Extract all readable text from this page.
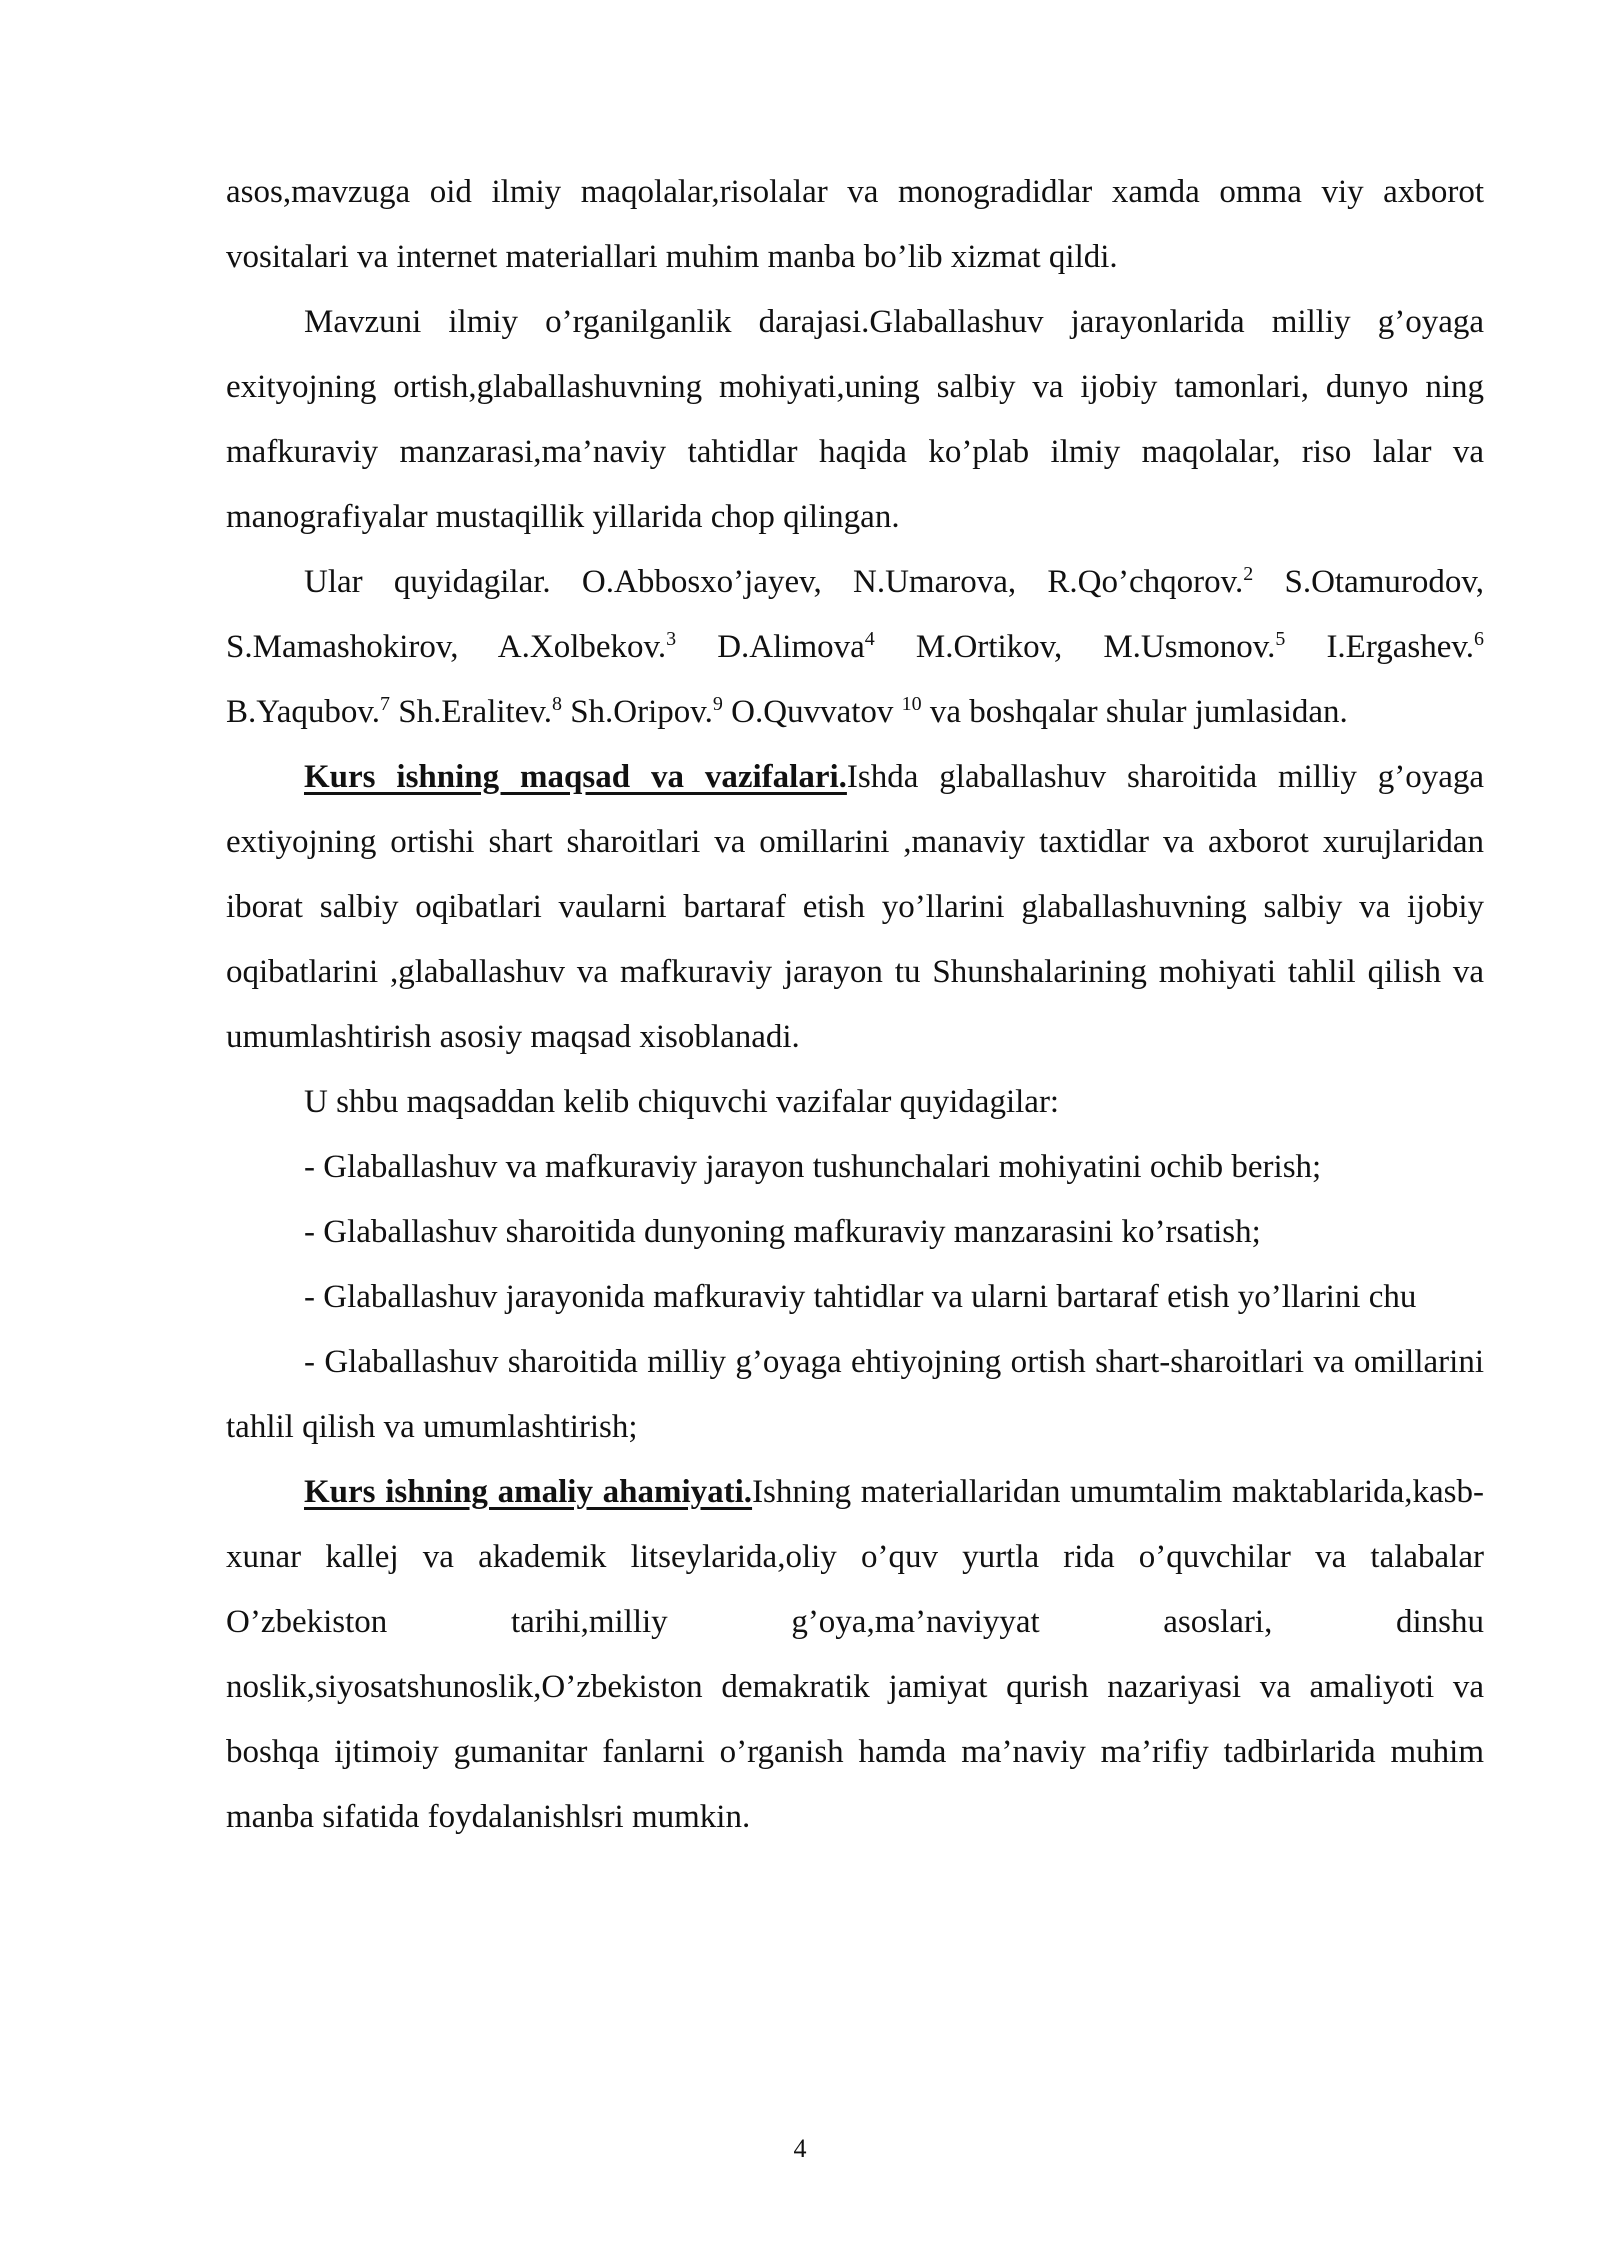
asos,mavzuga oid ilmiy maqolalar,risolalar va monogradidlar xamda omma viy axborot vositalari va internet materiallari muhim manba bo’lib xizmat qildi.

Mavzuni ilmiy o’rganilganlik darajasi.Glaballashuv jarayonlarida milliy g’oyaga exityojning ortish,glaballashuvning mohiyati,uning salbiy va ijobiy tamonlari, dunyo ning mafkuraviy manzarasi,ma’naviy tahtidlar haqida ko’plab ilmiy maqolalar, riso lalar va manografiyalar mustaqillik yillarida chop qilingan.

Ular quyidagilar. O.Abbosxo’jayev, N.Umarova, R.Qo’chqorov.$^2$ S.Otamurodov, S.Mamashokirov, A.Xolbekov.$^3$ D.Alimova$^4$ M.Ortikov, M.Usmonov.$^5$ I.Ergashev.$^6$ B.Yaqubov.$^7$ Sh.Eralitev.$^8$ Sh.Oripov.$^9$ O.Quvvatov $^{10}$ va boshqalar shular jumlasidan.

Kurs ishning maqsad va vazifalari.Ishda glaballashuv sharoitida milliy g’oyaga extiyojning ortishi shart sharoitlari va omillarini ,manaviy taxtidlar va axborot xurujlaridan iborat salbiy oqibatlari vaularni bartaraf etish yo’llarini glaballashuvning salbiy va ijobiy oqibatlarini ,glaballashuv va mafkuraviy jarayon tu Shunshalarining mohiyati tahlil qilish va umumlashtirish asosiy maqsad xisoblanadi.

U shbu maqsaddan kelib chiquvchi vazifalar quyidagilar:

- Glaballashuv va mafkuraviy jarayon tushunchalari mohiyatini ochib berish;

- Glaballashuv sharoitida dunyoning mafkuraviy manzarasini ko’rsatish;

- Glaballashuv jarayonida mafkuraviy tahtidlar va ularni bartaraf etish yo’llarini chu

- Glaballashuv sharoitida milliy g’oyaga ehtiyojning ortish shart-sharoitlari va omillarini tahlil qilish va umumlashtirish;

Kurs ishning amaliy ahamiyati.Ishning materiallaridan umumtalim maktablarida,kasb-xunar kallej va akademik litseylarida,oliy o’quv yurtla rida o’quvchilar va talabalar O’zbekiston tarihi,milliy g’oya,ma’naviyyat asoslari, dinshu noslik,siyosatshunoslik,O’zbekiston demakratik jamiyat qurish nazariyasi va amaliyoti va boshqa ijtimoiy gumanitar fanlarni o’rganish hamda ma’naviy ma’rifiy tadbirlarida muhim manba sifatida foydalanishlsri mumkin.

4
